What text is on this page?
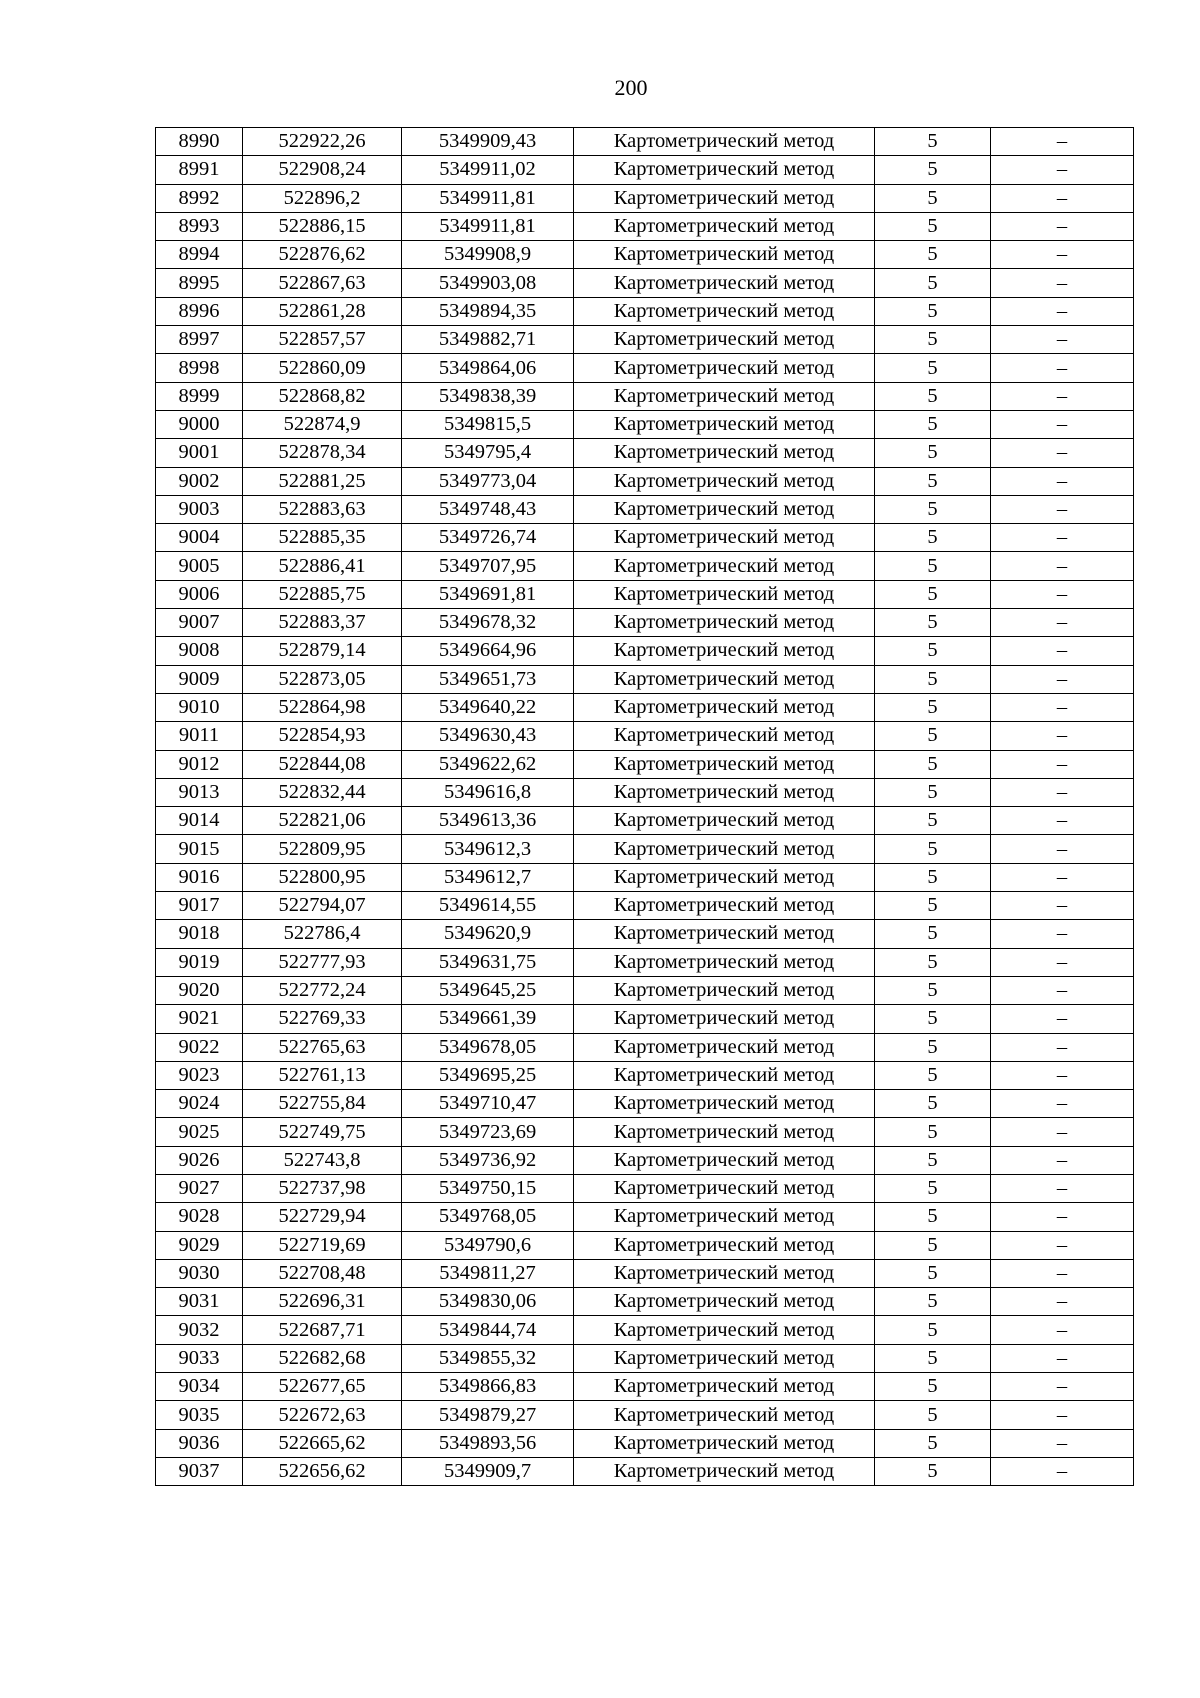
200
8990	522922,26	5349909,43	Картометрический метод	5	–
8991	522908,24	5349911,02	Картометрический метод	5	–
8992	522896,2	5349911,81	Картометрический метод	5	–
8993	522886,15	5349911,81	Картометрический метод	5	–
8994	522876,62	5349908,9	Картометрический метод	5	–
8995	522867,63	5349903,08	Картометрический метод	5	–
8996	522861,28	5349894,35	Картометрический метод	5	–
8997	522857,57	5349882,71	Картометрический метод	5	–
8998	522860,09	5349864,06	Картометрический метод	5	–
8999	522868,82	5349838,39	Картометрический метод	5	–
9000	522874,9	5349815,5	Картометрический метод	5	–
9001	522878,34	5349795,4	Картометрический метод	5	–
9002	522881,25	5349773,04	Картометрический метод	5	–
9003	522883,63	5349748,43	Картометрический метод	5	–
9004	522885,35	5349726,74	Картометрический метод	5	–
9005	522886,41	5349707,95	Картометрический метод	5	–
9006	522885,75	5349691,81	Картометрический метод	5	–
9007	522883,37	5349678,32	Картометрический метод	5	–
9008	522879,14	5349664,96	Картометрический метод	5	–
9009	522873,05	5349651,73	Картометрический метод	5	–
9010	522864,98	5349640,22	Картометрический метод	5	–
9011	522854,93	5349630,43	Картометрический метод	5	–
9012	522844,08	5349622,62	Картометрический метод	5	–
9013	522832,44	5349616,8	Картометрический метод	5	–
9014	522821,06	5349613,36	Картометрический метод	5	–
9015	522809,95	5349612,3	Картометрический метод	5	–
9016	522800,95	5349612,7	Картометрический метод	5	–
9017	522794,07	5349614,55	Картометрический метод	5	–
9018	522786,4	5349620,9	Картометрический метод	5	–
9019	522777,93	5349631,75	Картометрический метод	5	–
9020	522772,24	5349645,25	Картометрический метод	5	–
9021	522769,33	5349661,39	Картометрический метод	5	–
9022	522765,63	5349678,05	Картометрический метод	5	–
9023	522761,13	5349695,25	Картометрический метод	5	–
9024	522755,84	5349710,47	Картометрический метод	5	–
9025	522749,75	5349723,69	Картометрический метод	5	–
9026	522743,8	5349736,92	Картометрический метод	5	–
9027	522737,98	5349750,15	Картометрический метод	5	–
9028	522729,94	5349768,05	Картометрический метод	5	–
9029	522719,69	5349790,6	Картометрический метод	5	–
9030	522708,48	5349811,27	Картометрический метод	5	–
9031	522696,31	5349830,06	Картометрический метод	5	–
9032	522687,71	5349844,74	Картометрический метод	5	–
9033	522682,68	5349855,32	Картометрический метод	5	–
9034	522677,65	5349866,83	Картометрический метод	5	–
9035	522672,63	5349879,27	Картометрический метод	5	–
9036	522665,62	5349893,56	Картометрический метод	5	–
9037	522656,62	5349909,7	Картометрический метод	5	–
